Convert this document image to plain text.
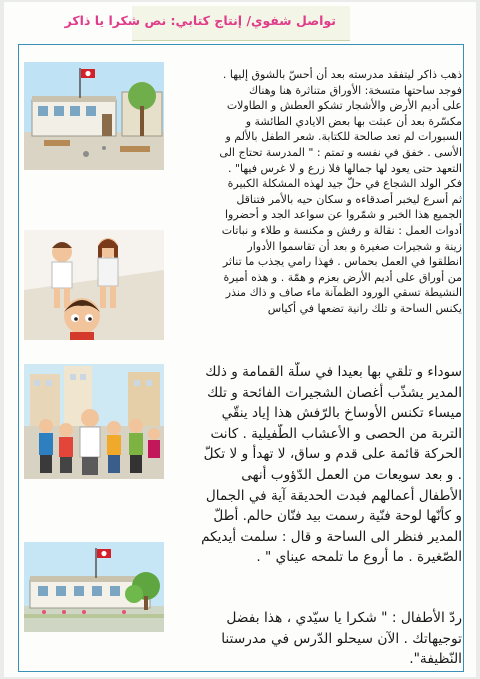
تواصل شفوي/ إنتاج كتابي: نص شكرا يا ذاكر
ذهب ذاكر ليتفقد مدرسته بعد أن أحسّ بالشوق إليها .
فوجد ساحتها متسخة: الأوراق متناثرة هنا وهناك
على أديم الأرض والأشجار تشكو العطش و الطاولات
مكسّرة بعد أن عبثت بها بعض الايادي الطائشة و
السبورات لم تعد صالحة للكتابة. شعر الطفل بالألم و
الأسى . خفق في نفسه و تمتم : " المدرسة تحتاج الى
التعهد حتى يعود لها جمالها فلا زرع و لا غرس فيها" .
فكر الولد الشجاع في حلّ جيد لهذه المشكلة الكبيرة
ثم أسرع ليخبر أصدقاءه و سكان حيه بالأمر فتناقل
الجميع هذا الخبر و شمّروا عن سواعد الجد و أحضروا
أدوات العمل : نقالة و رفش و مكنسة و طلاء و نباتات
زينة و شجيرات صغيرة و بعد أن تقاسموا الأدوار
انطلقوا في العمل بحماس . فهذا رامي يجذب ما تناثر
من أوراق على أديم الأرض بعزم و همّة . و هذه أميرة
النشيطة تسقي الورود الظمآنة ماء صاف و ذاك منذر
يكنس الساحة و تلك رانية تضعها في أكياس
سوداء و تلقي بها بعيدا في سلّة القمامة و ذلك
المدير يشذّب أغصان الشجيرات الفائحة و تلك
ميساء تكنس الأوساخ بالرّفش هذا إياد ينقّي
التربة من الحصى و الأعشاب الطّفيلية . كانت
الحركة قائمة على قدم و ساق، لا تهدأ و لا تكلّ
. و بعد سويعات من العمل الدّؤوب أنهى
الأطفال أعمالهم فبدت الحديقة آية في الجمال
و كأنّها لوحة فنّية رسمت بيد فنّان حالم. أطلّ
المدير فنظر الى الساحة و قال : سلمت أيديكم
الصّغيرة . ما أروع ما تلمحه عيناي " .
ردّ الأطفال : " شكرا يا سيّدي ، هذا بفضل
توجيهاتك . الآن سيحلو الدّرس في مدرستنا
النّظيفة".
